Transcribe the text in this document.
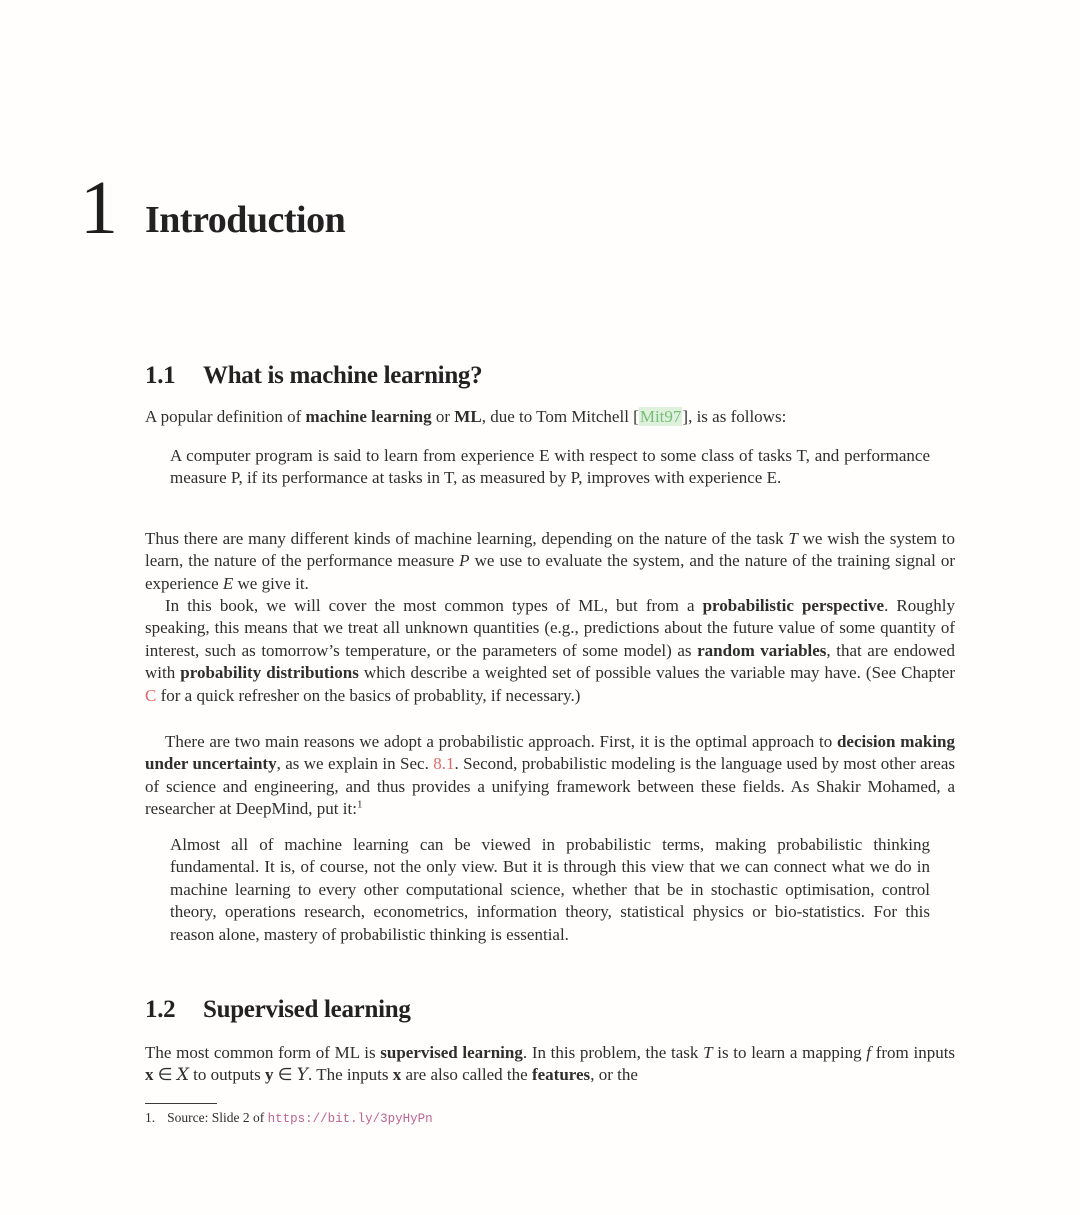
1 Introduction
1.1	What is machine learning?
A popular definition of machine learning or ML, due to Tom Mitchell [Mit97], is as follows:
A computer program is said to learn from experience E with respect to some class of tasks T, and performance measure P, if its performance at tasks in T, as measured by P, improves with experience E.
Thus there are many different kinds of machine learning, depending on the nature of the task T we wish the system to learn, the nature of the performance measure P we use to evaluate the system, and the nature of the training signal or experience E we give it.
In this book, we will cover the most common types of ML, but from a probabilistic perspective. Roughly speaking, this means that we treat all unknown quantities (e.g., predictions about the future value of some quantity of interest, such as tomorrow’s temperature, or the parameters of some model) as random variables, that are endowed with probability distributions which describe a weighted set of possible values the variable may have. (See Chapter C for a quick refresher on the basics of probablity, if necessary.)
There are two main reasons we adopt a probabilistic approach. First, it is the optimal approach to decision making under uncertainty, as we explain in Sec. 8.1. Second, probabilistic modeling is the language used by most other areas of science and engineering, and thus provides a unifying framework between these fields. As Shakir Mohamed, a researcher at DeepMind, put it:$^1$
Almost all of machine learning can be viewed in probabilistic terms, making probabilistic thinking fundamental. It is, of course, not the only view. But it is through this view that we can connect what we do in machine learning to every other computational science, whether that be in stochastic optimisation, control theory, operations research, econometrics, information theory, statistical physics or bio-statistics. For this reason alone, mastery of probabilistic thinking is essential.
1.2	Supervised learning
The most common form of ML is supervised learning. In this problem, the task T is to learn a mapping f from inputs x ∈ X to outputs y ∈ Y. The inputs x are also called the features, or the
1. Source: Slide 2 of https://bit.ly/3pyHyPn
